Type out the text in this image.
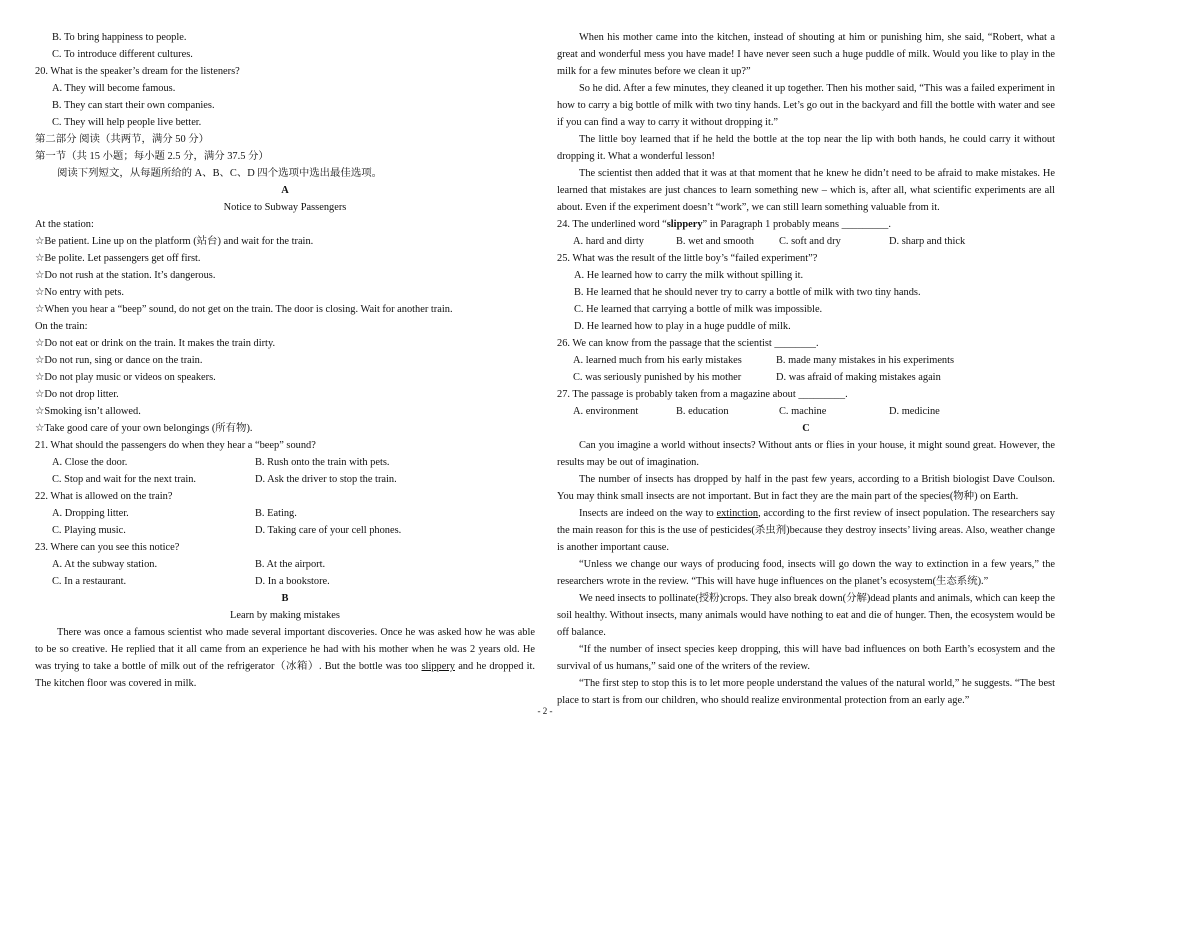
B. To bring happiness to people.
C. To introduce different cultures.
20. What is the speaker’s dream for the listeners?
A. They will become famous.
B. They can start their own companies.
C. They will help people live better.
第二部分 阅读（共两节，满分 50 分）
第一节（共 15 小题；每小题 2.5 分，满分 37.5 分）
阅读下列短文，从每题所给的 A、B、C、D 四个选项中选出最佳选项。
A
Notice to Subway Passengers
At the station:
☆Be patient. Line up on the platform (站台) and wait for the train.
☆Be polite. Let passengers get off first.
☆Do not rush at the station. It’s dangerous.
☆No entry with pets.
☆When you hear a “beep” sound, do not get on the train. The door is closing. Wait for another train.
On the train:
☆Do not eat or drink on the train. It makes the train dirty.
☆Do not run, sing or dance on the train.
☆Do not play music or videos on speakers.
☆Do not drop litter.
☆Smoking isn’t allowed.
☆Take good care of your own belongings (所有物).
21. What should the passengers do when they hear a “beep” sound?
A. Close the door.	B. Rush onto the train with pets.
C. Stop and wait for the next train.	D. Ask the driver to stop the train.
22. What is allowed on the train?
A. Dropping litter.	B. Eating.
C. Playing music.	D. Taking care of your cell phones.
23. Where can you see this notice?
A. At the subway station.	B. At the airport.
C. In a restaurant.	D. In a bookstore.
B
Learn by making mistakes

There was once a famous scientist who made several important discoveries. Once he was asked how he was able to be so creative. He replied that it all came from an experience he had with his mother when he was 2 years old. He was trying to take a bottle of milk out of the refrigerator（冰箱）. But the bottle was too slippery and he dropped it. The kitchen floor was covered in milk.

When his mother came into the kitchen, instead of shouting at him or punishing him, she said, “Robert, what a great and wonderful mess you have made! I have never seen such a huge puddle of milk. Would you like to play in the milk for a few minutes before we clean it up?”

So he did. After a few minutes, they cleaned it up together. Then his mother said, “This was a failed experiment in how to carry a big bottle of milk with two tiny hands. Let’s go out in the backyard and fill the bottle with water and see if you can find a way to carry it without dropping it.”

The little boy learned that if he held the bottle at the top near the lip with both hands, he could carry it without dropping it. What a wonderful lesson!

The scientist then added that it was at that moment that he knew he didn’t need to be afraid to make mistakes. He learned that mistakes are just chances to learn something new – which is, after all, what scientific experiments are all about. Even if the experiment doesn’t “work”, we can still learn something valuable from it.

24. The underlined word “slippery” in Paragraph 1 probably means _________.
A. hard and dirty	B. wet and smooth	C. soft and dry	D. sharp and thick
25. What was the result of the little boy’s “failed experiment”?
A. He learned how to carry the milk without spilling it.
B. He learned that he should never try to carry a bottle of milk with two tiny hands.
C. He learned that carrying a bottle of milk was impossible.
D. He learned how to play in a huge puddle of milk.
26. We can know from the passage that the scientist ________.
A. learned much from his early mistakes	B. made many mistakes in his experiments
C. was seriously punished by his mother	D. was afraid of making mistakes again
27. The passage is probably taken from a magazine about _________.
A. environment	B. education	C. machine	D. medicine
C

Can you imagine a world without insects? Without ants or flies in your house, it might sound great. However, the results may be out of imagination.

The number of insects has dropped by half in the past few years, according to a British biologist Dave Coulson. You may think small insects are not important. But in fact they are the main part of the species(物种) on Earth.

Insects are indeed on the way to extinction, according to the first review of insect population. The researchers say the main reason for this is the use of pesticides(杀虫剂)because they destroy insects’ living areas. Also, weather change is another important cause.

“Unless we change our ways of producing food, insects will go down the way to extinction in a few years,” the researchers wrote in the review. “This will have huge influences on the planet’s ecosystem(生态系统).”

We need insects to pollinate(授粉)crops. They also break down(分解)dead plants and animals, which can keep the soil healthy. Without insects, many animals would have nothing to eat and die of hunger. Then, the ecosystem would be off balance.

“If the number of insect species keep dropping, this will have bad influences on both Earth’s ecosystem and the survival of us humans,” said one of the writers of the review.

“The first step to stop this is to let more people understand the values of the natural world,” he suggests. “The best place to start is from our children, who should realize environmental protection from an early age.”

- 2 -
